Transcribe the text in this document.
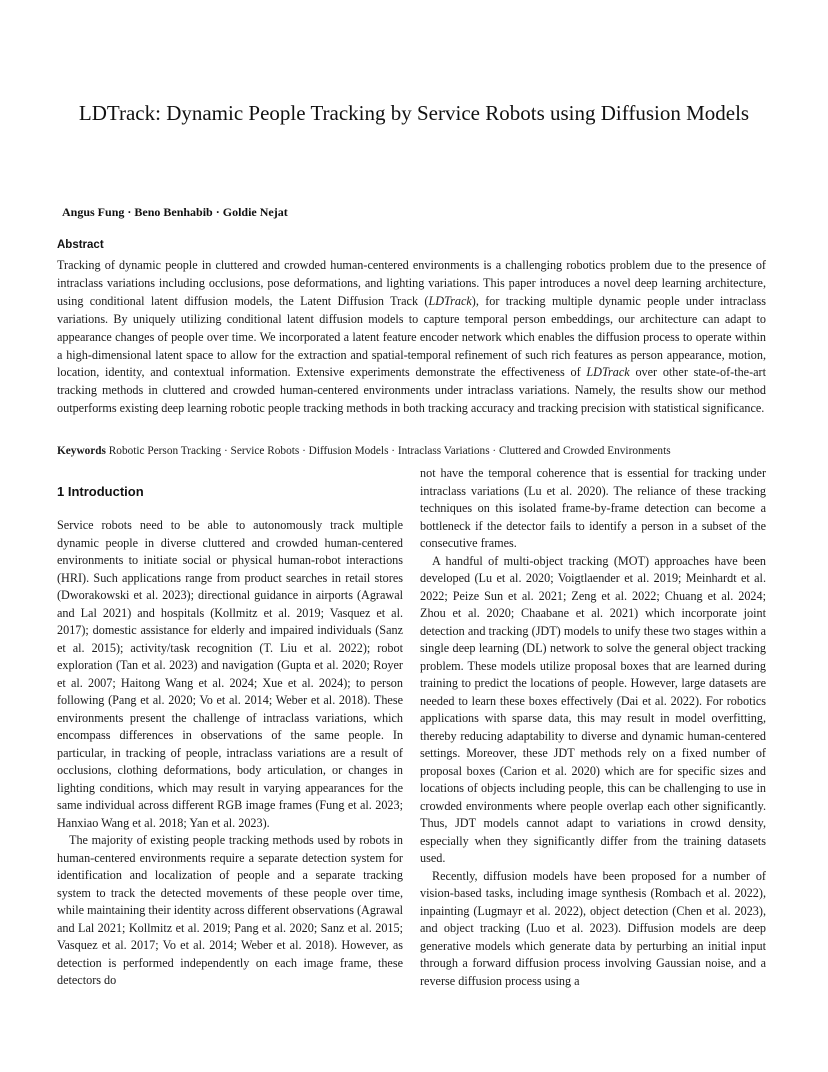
LDTrack: Dynamic People Tracking by Service Robots using Diffusion Models
Angus Fung · Beno Benhabib · Goldie Nejat
Abstract
Tracking of dynamic people in cluttered and crowded human-centered environments is a challenging robotics problem due to the presence of intraclass variations including occlusions, pose deformations, and lighting variations. This paper introduces a novel deep learning architecture, using conditional latent diffusion models, the Latent Diffusion Track (LDTrack), for tracking multiple dynamic people under intraclass variations. By uniquely utilizing conditional latent diffusion models to capture temporal person embeddings, our architecture can adapt to appearance changes of people over time. We incorporated a latent feature encoder network which enables the diffusion process to operate within a high-dimensional latent space to allow for the extraction and spatial-temporal refinement of such rich features as person appearance, motion, location, identity, and contextual information. Extensive experiments demonstrate the effectiveness of LDTrack over other state-of-the-art tracking methods in cluttered and crowded human-centered environments under intraclass variations. Namely, the results show our method outperforms existing deep learning robotic people tracking methods in both tracking accuracy and tracking precision with statistical significance.
Keywords Robotic Person Tracking · Service Robots · Diffusion Models · Intraclass Variations · Cluttered and Crowded Environments
1 Introduction

Service robots need to be able to autonomously track multiple dynamic people in diverse cluttered and crowded human-centered environments to initiate social or physical human-robot interactions (HRI). Such applications range from product searches in retail stores (Dworakowski et al. 2023); directional guidance in airports (Agrawal and Lal 2021) and hospitals (Kollmitz et al. 2019; Vasquez et al. 2017); domestic assistance for elderly and impaired individuals (Sanz et al. 2015); activity/task recognition (T. Liu et al. 2022); robot exploration (Tan et al. 2023) and navigation (Gupta et al. 2020; Royer et al. 2007; Haitong Wang et al. 2024; Xue et al. 2024); to person following (Pang et al. 2020; Vo et al. 2014; Weber et al. 2018). These environments present the challenge of intraclass variations, which encompass differences in observations of the same people. In particular, in tracking of people, intraclass variations are a result of occlusions, clothing deformations, body articulation, or changes in lighting conditions, which may result in varying appearances for the same individual across different RGB image frames (Fung et al. 2023; Hanxiao Wang et al. 2018; Yan et al. 2023).

The majority of existing people tracking methods used by robots in human-centered environments require a separate detection system for identification and localization of people and a separate tracking system to track the detected movements of these people over time, while maintaining their identity across different observations (Agrawal and Lal 2021; Kollmitz et al. 2019; Pang et al. 2020; Sanz et al. 2015; Vasquez et al. 2017; Vo et al. 2014; Weber et al. 2018). However, as detection is performed independently on each image frame, these detectors do

not have the temporal coherence that is essential for tracking under intraclass variations (Lu et al. 2020). The reliance of these tracking techniques on this isolated frame-by-frame detection can become a bottleneck if the detector fails to identify a person in a subset of the consecutive frames.

A handful of multi-object tracking (MOT) approaches have been developed (Lu et al. 2020; Voigtlaender et al. 2019; Meinhardt et al. 2022; Peize Sun et al. 2021; Zeng et al. 2022; Chuang et al. 2024; Zhou et al. 2020; Chaabane et al. 2021) which incorporate joint detection and tracking (JDT) models to unify these two stages within a single deep learning (DL) network to solve the general object tracking problem. These models utilize proposal boxes that are learned during training to predict the locations of people. However, large datasets are needed to learn these boxes effectively (Dai et al. 2022). For robotics applications with sparse data, this may result in model overfitting, thereby reducing adaptability to diverse and dynamic human-centered settings. Moreover, these JDT methods rely on a fixed number of proposal boxes (Carion et al. 2020) which are for specific sizes and locations of objects including people, this can be challenging to use in crowded environments where people overlap each other significantly. Thus, JDT models cannot adapt to variations in crowd density, especially when they significantly differ from the training datasets used.

Recently, diffusion models have been proposed for a number of vision-based tasks, including image synthesis (Rombach et al. 2022), inpainting (Lugmayr et al. 2022), object detection (Chen et al. 2023), and object tracking (Luo et al. 2023). Diffusion models are deep generative models which generate data by perturbing an initial input through a forward diffusion process involving Gaussian noise, and a reverse diffusion process using a
